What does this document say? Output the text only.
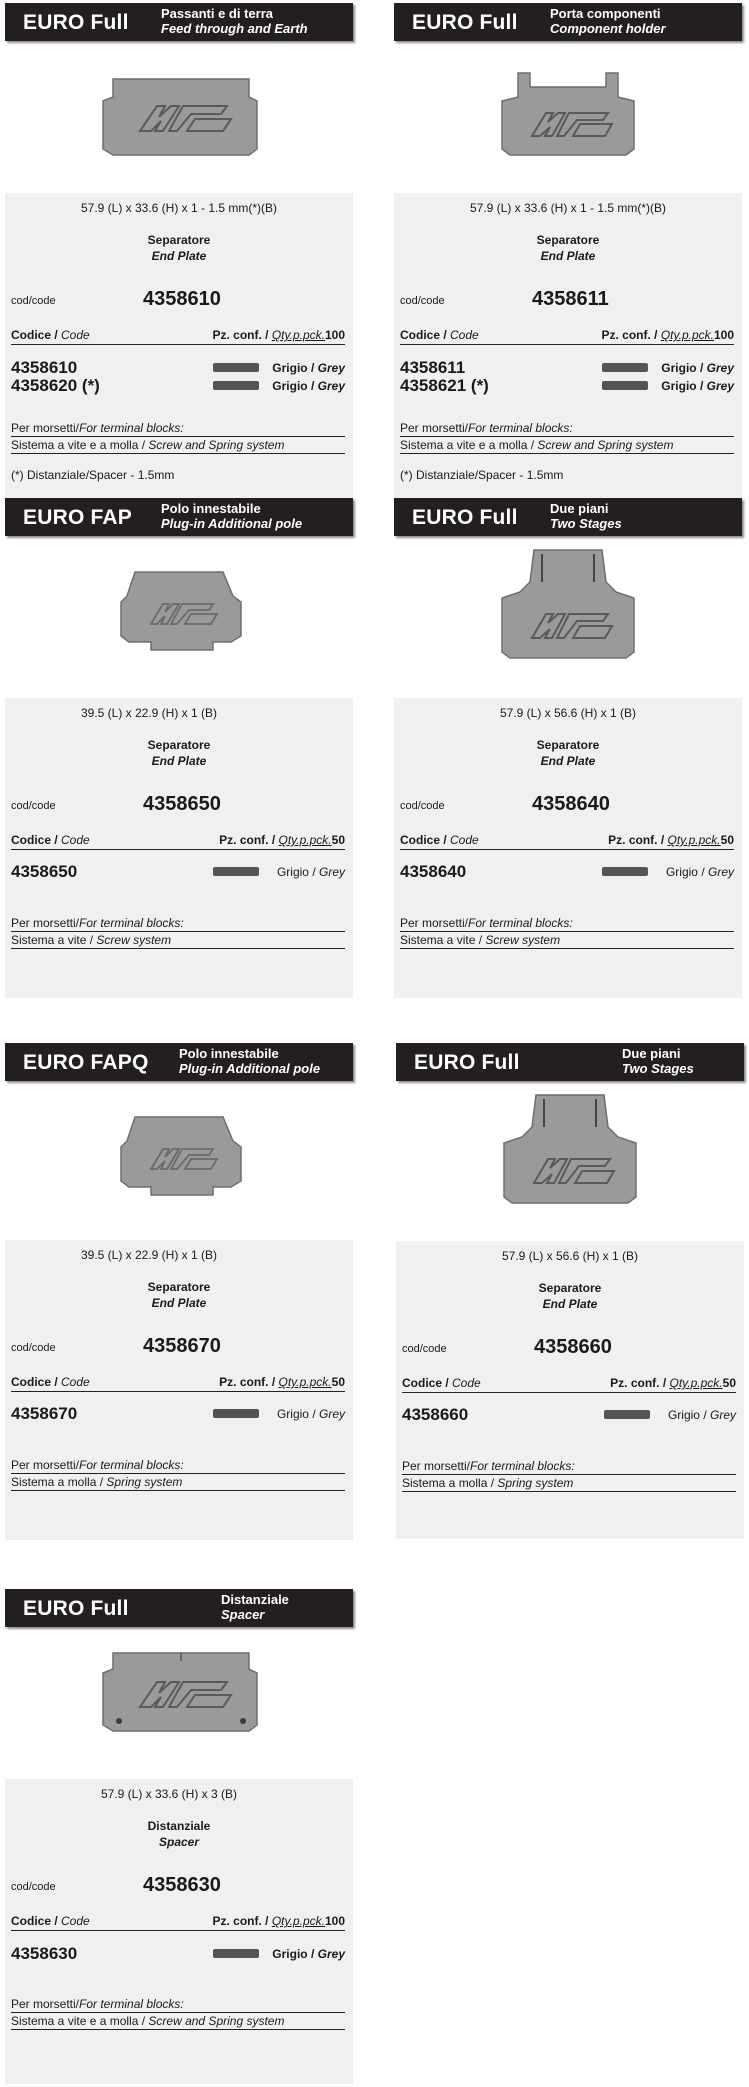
EURO Full Passanti e di terra
Feed through and Earth
57.9 (L) x 33.6 (H) x 1 - 1.5 mm(*)(B)
Separatore
End Plate
cod/code	4358610
Codice / Code	Pz. conf. / Qty.p.pck.100
4358610	Grigio / Grey
4358620 (*)	Grigio / Grey
Per morsetti/For terminal blocks:
Sistema a vite e a molla / Screw and Spring system
(*) Distanziale/Spacer - 1.5mm
EURO Full Porta componenti
Component holder
57.9 (L) x 33.6 (H) x 1 - 1.5 mm(*)(B)
Separatore
End Plate
cod/code	4358611
Codice / Code	Pz. conf. / Qty.p.pck.100
4358611	Grigio / Grey
4358621 (*)	Grigio / Grey
Per morsetti/For terminal blocks:
Sistema a vite e a molla / Screw and Spring system
(*) Distanziale/Spacer - 1.5mm
EURO FAP Polo innestabile
Plug-in Additional pole
39.5 (L) x 22.9 (H) x 1 (B)
Separatore
End Plate
cod/code	4358650
Codice / Code	Pz. conf. / Qty.p.pck.50
4358650	Grigio / Grey
Per morsetti/For terminal blocks:
Sistema a vite / Screw system
EURO Full Due piani
Two Stages
57.9 (L) x 56.6 (H) x 1 (B)
Separatore
End Plate
cod/code	4358640
Codice / Code	Pz. conf. / Qty.p.pck.50
4358640	Grigio / Grey
Per morsetti/For terminal blocks:
Sistema a vite / Screw system
EURO FAPQ Polo innestabile
Plug-in Additional pole
39.5 (L) x 22.9 (H) x 1 (B)
Separatore
End Plate
cod/code	4358670
Codice / Code	Pz. conf. / Qty.p.pck.50
4358670	Grigio / Grey
Per morsetti/For terminal blocks:
Sistema a molla / Spring system
EURO Full	Due piani
Two Stages
57.9 (L) x 56.6 (H) x 1 (B)
Separatore
End Plate
cod/code	4358660
Codice / Code	Pz. conf. / Qty.p.pck.50
4358660	Grigio / Grey
Per morsetti/For terminal blocks:
Sistema a molla / Spring system
EURO Full	Distanziale
Spacer
57.9 (L) x 33.6 (H) x 3 (B)
Distanziale
Spacer
cod/code	4358630
Codice / Code	Pz. conf. / Qty.p.pck.100
4358630	Grigio / Grey
Per morsetti/For terminal blocks:
Sistema a vite e a molla / Screw and Spring system
